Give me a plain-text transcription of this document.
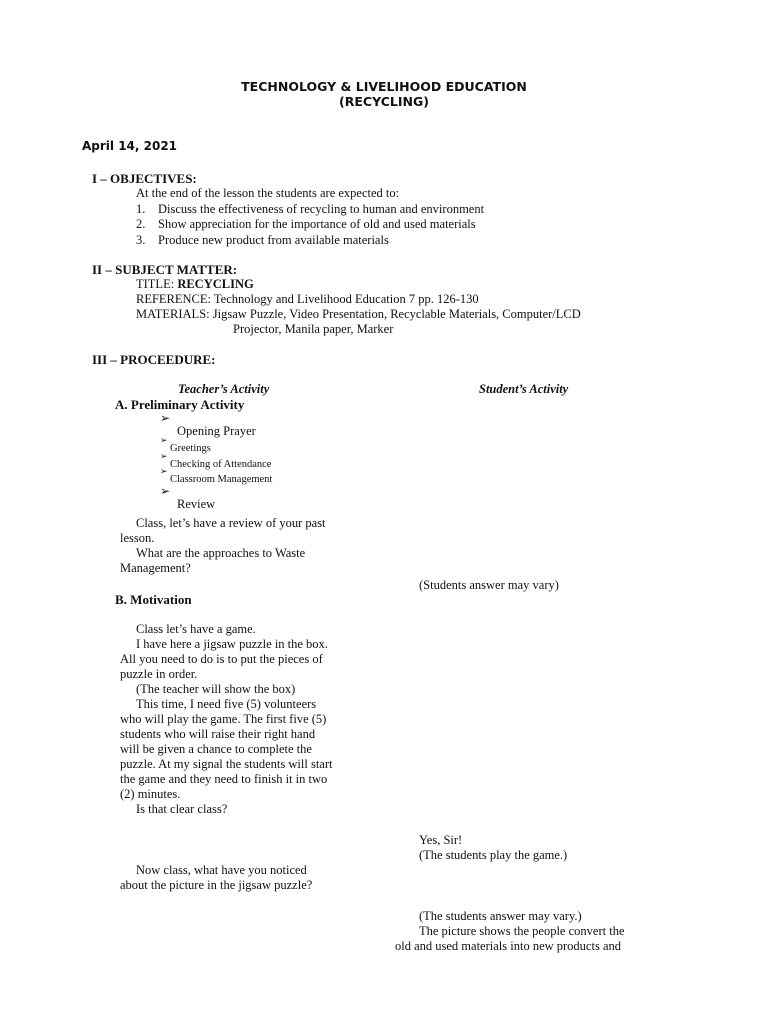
TECHNOLOGY & LIVELIHOOD EDUCATION
(RECYCLING)
April 14, 2021
I – OBJECTIVES:
At the end of the lesson the students are expected to:
1. Discuss the effectiveness of recycling to human and environment
2. Show appreciation for the importance of old and used materials
3. Produce new product from available materials
II – SUBJECT MATTER:
TITLE: RECYCLING
REFERENCE: Technology and Livelihood Education 7 pp. 126-130
MATERIALS: Jigsaw Puzzle, Video Presentation, Recyclable Materials, Computer/LCD
Projector, Manila paper, Marker
III – PROCEEDURE:
Teacher’s Activity	Student’s Activity
A. Preliminary Activity
➢
Opening Prayer
➢
Greetings
➢
Checking of Attendance
➢
Classroom Management
➢
Review
Class, let’s have a review of your past
lesson.
What are the approaches to Waste
Management?
(Students answer may vary)
B. Motivation
Class let’s have a game.
I have here a jigsaw puzzle in the box.
All you need to do is to put the pieces of
puzzle in order.
(The teacher will show the box)
This time, I need five (5) volunteers
who will play the game. The first five (5)
students who will raise their right hand
will be given a chance to complete the
puzzle. At my signal the students will start
the game and they need to finish it in two
(2) minutes.
Is that clear class?
Yes, Sir!
(The students play the game.)
Now class, what have you noticed
about the picture in the jigsaw puzzle?
(The students answer may vary.)
The picture shows the people convert the
old and used materials into new products and
